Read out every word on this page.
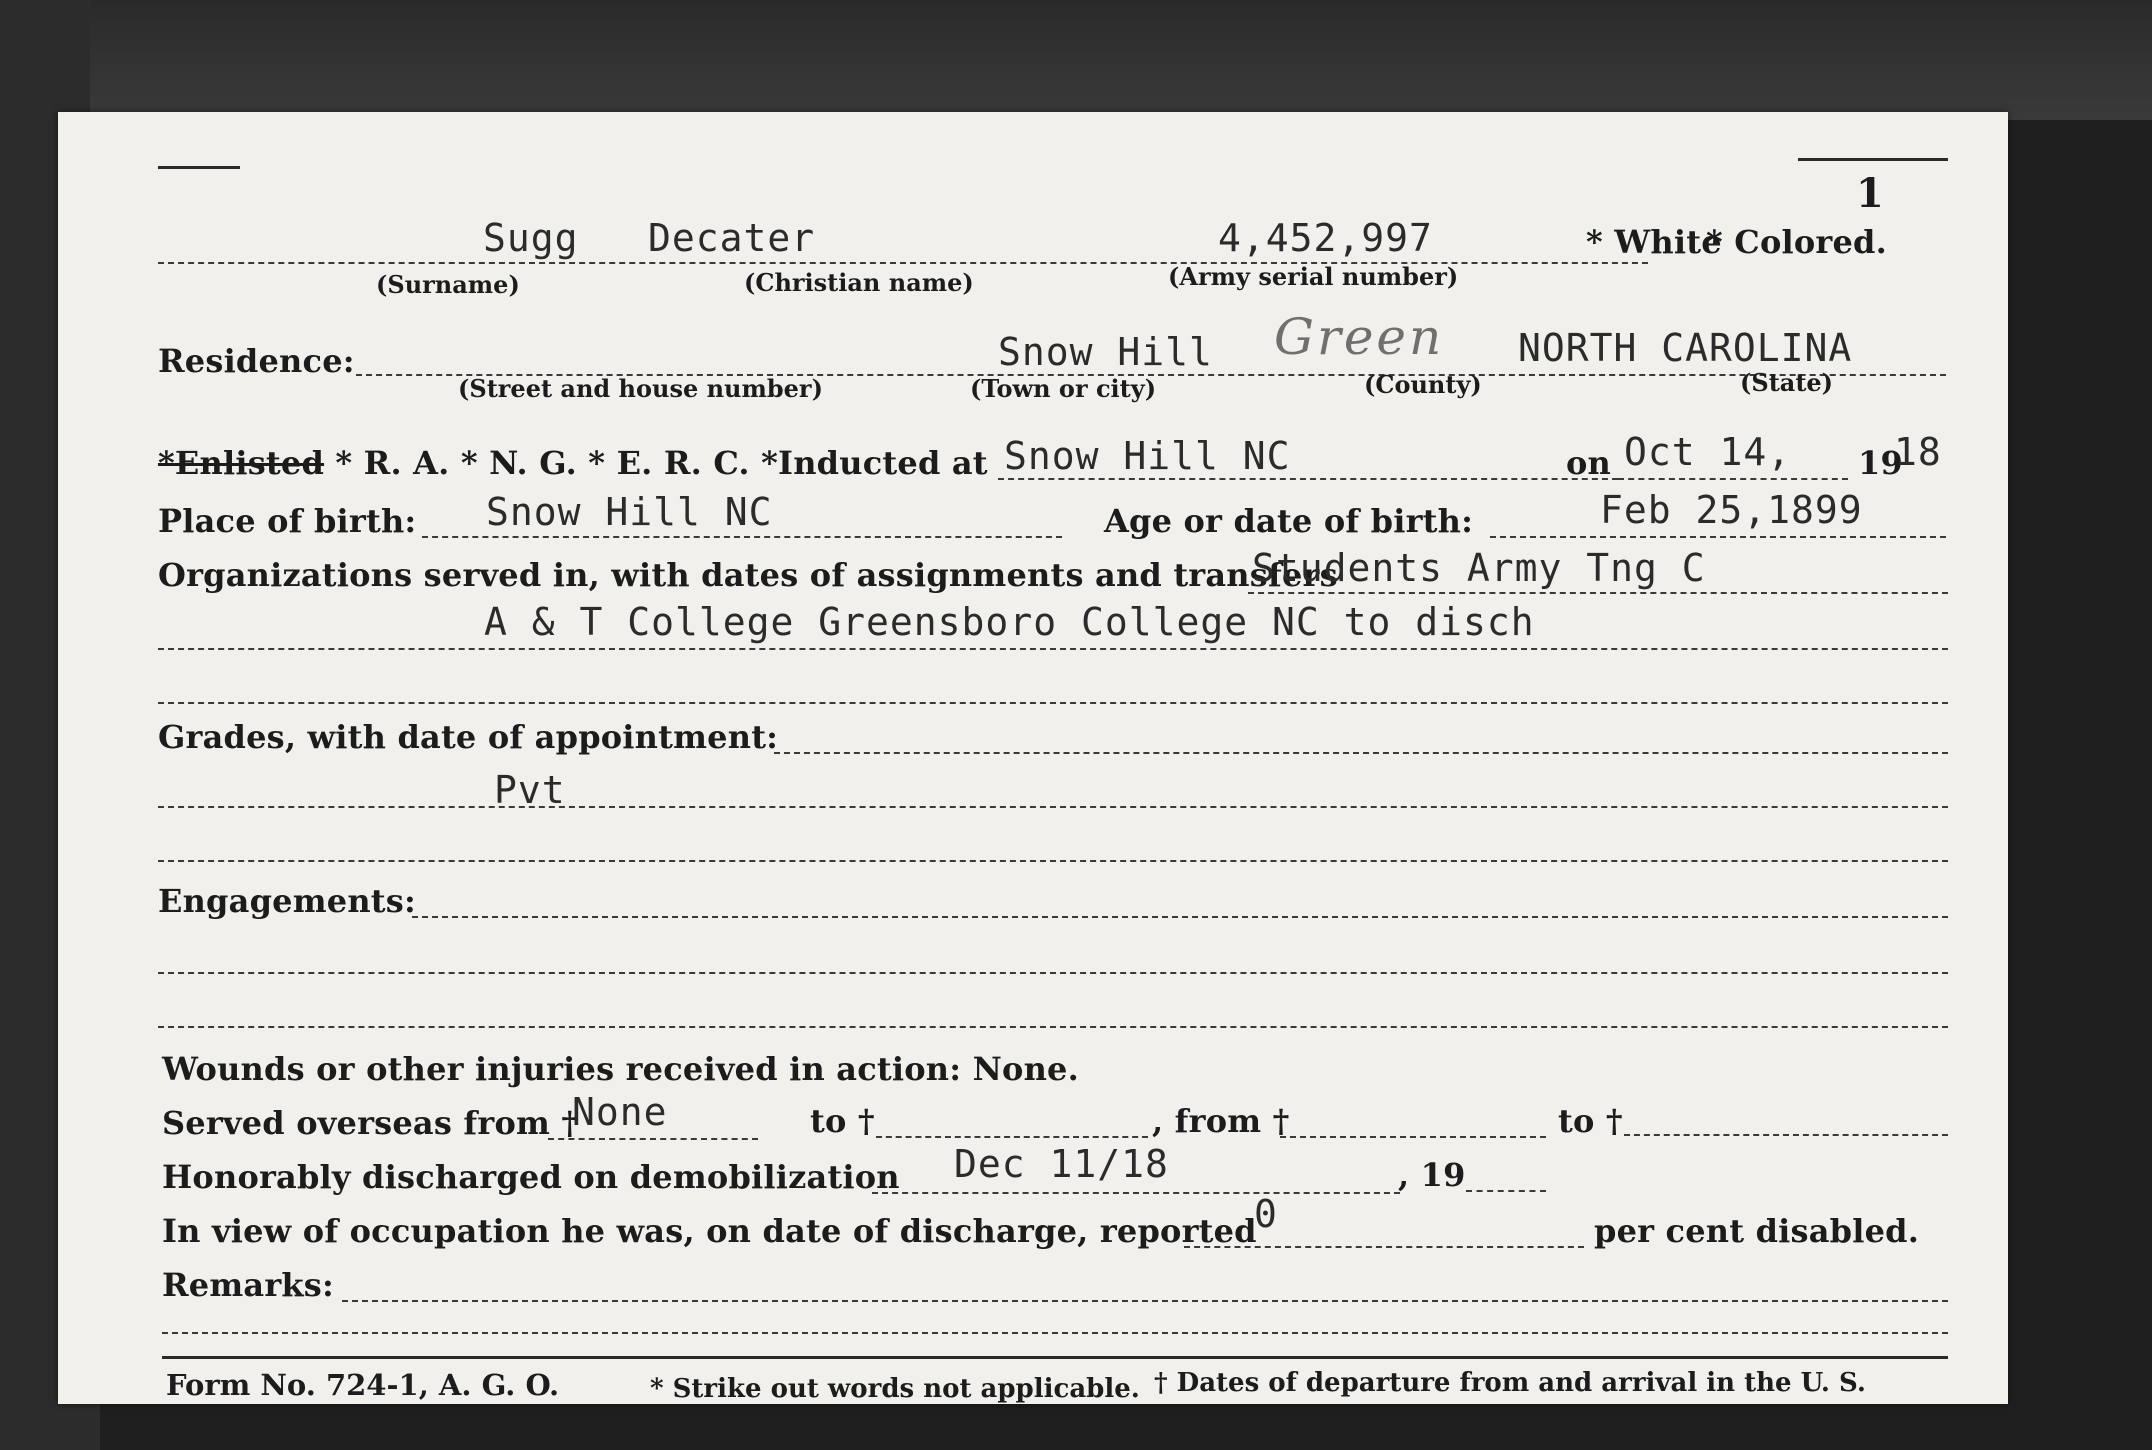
1
Sugg Decater	4,452,997	* White
* Colored.
(Surname)	(Christian name)	(Army serial number)
Residence:	Snow Hill Green NORTH CAROLINA
(Street and house number)	(Town or city)	(County)	(State)
*Enlisted * R. A. * N. G. * E. R. C. *Inducted at Snow Hill NC	on Oct 14, 19
18
Place of birth: Snow Hill NC	Age or date of birth:	Feb 25,1899
Organizations served in, with dates of assignments and transfers
Students Army Tng C
A & T College Greensboro College NC to disch
Grades, with date of appointment:
Pvt
Engagements:
Wounds or other injuries received in action: None.
Served overseas from †
None	to †	, from †	to †
Honorably discharged on demobilization Dec 11/18	, 19
In view of occupation he was, on date of discharge, reported
0	per cent disabled.
Remarks:
Form No. 724-1, A. G. O.	* Strike out words not applicable. † Dates of departure from and arrival in the U. S.
